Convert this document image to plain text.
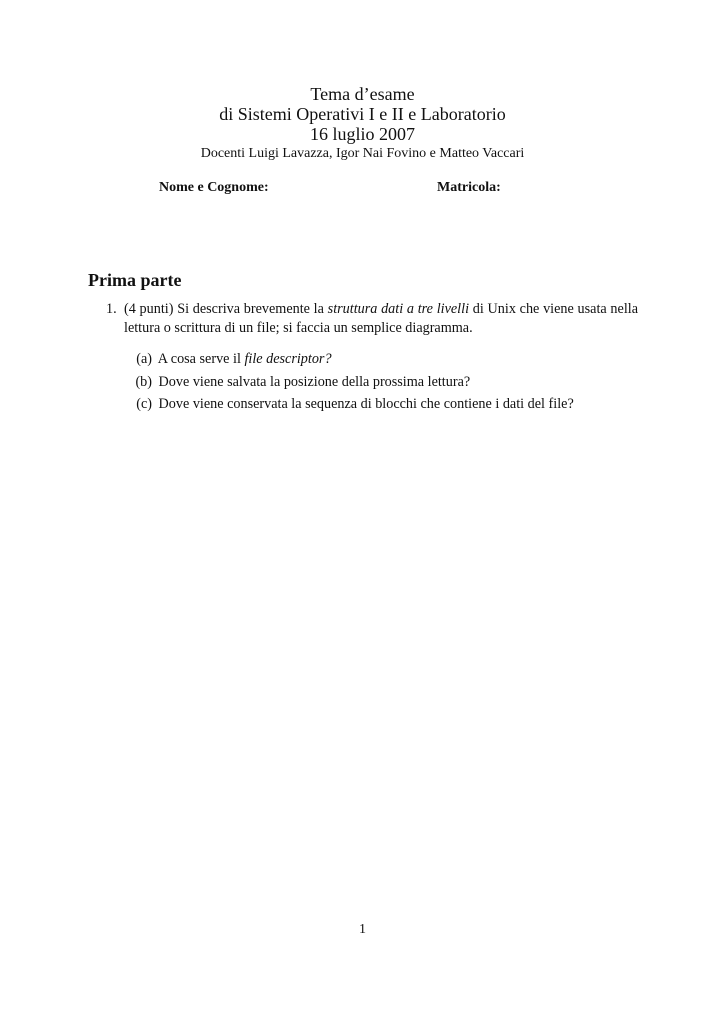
Tema d’esame
di Sistemi Operativi I e II e Laboratorio
16 luglio 2007
Docenti Luigi Lavazza, Igor Nai Fovino e Matteo Vaccari
Nome e Cognome:	Matricola:
Prima parte
1. (4 punti) Si descriva brevemente la struttura dati a tre livelli di Unix che viene usata nella lettura o scrittura di un file; si faccia un semplice diagramma.
(a) A cosa serve il file descriptor?
(b) Dove viene salvata la posizione della prossima lettura?
(c) Dove viene conservata la sequenza di blocchi che contiene i dati del file?
1
